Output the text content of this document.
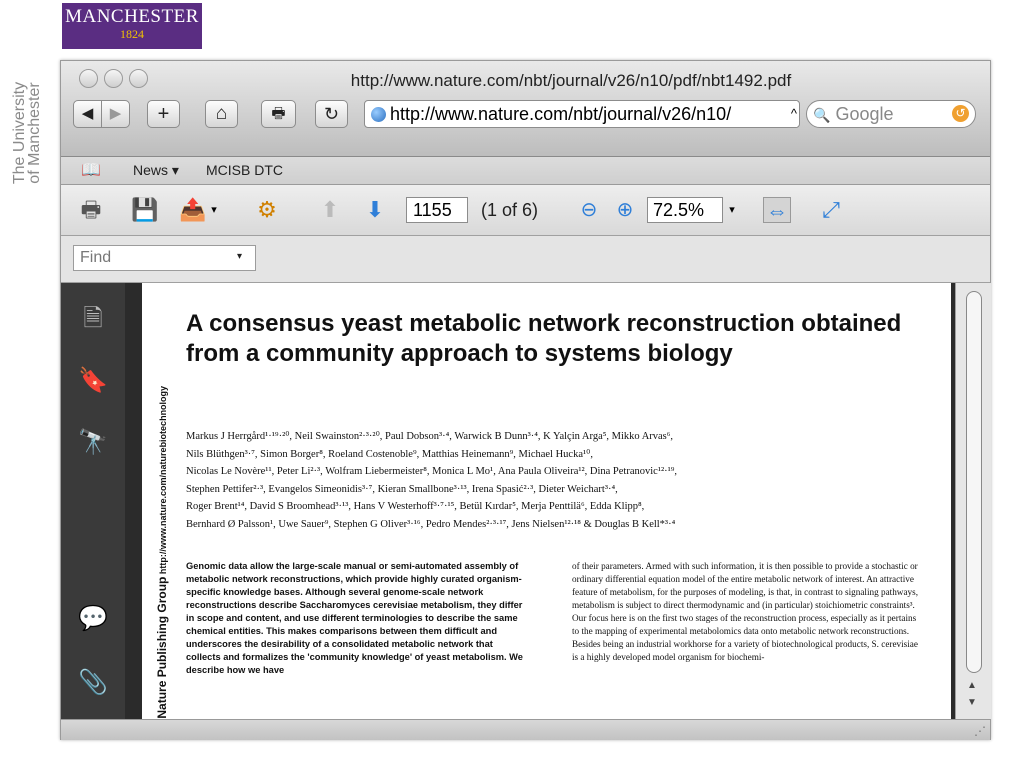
MANCHESTER
1824
The University
of Manchester
http://www.nature.com/nbt/journal/v26/n10/pdf/nbt1492.pdf
◀	▶	+	⌂	🖶	↻	http://www.nature.com/nbt/journal/v26/n10/	^	🔍 Google	↺
📖 News ▾ MCISB DTC
🖶 💾 📤 ▾ ⚙ ⬆ ⬇	1155	(1 of 6) ⊖ ⊕	72.5%	▾ ⇔ ⤢
Find	▾
🗎
🔖
🔭
💬
📎	Nature Publishing Group http://www.nature.com/naturebiotechnology
A consensus yeast metabolic network reconstruction obtained from a community approach to systems biology
Markus J Herrgård¹·¹⁹·²⁰, Neil Swainston²·³·²⁰, Paul Dobson³·⁴, Warwick B Dunn³·⁴, K Yalçin Arga⁵, Mikko Arvas⁶,
Nils Blüthgen³·⁷, Simon Borger⁸, Roeland Costenoble⁹, Matthias Heinemann⁹, Michael Hucka¹⁰,
Nicolas Le Novère¹¹, Peter Li²·³, Wolfram Liebermeister⁸, Monica L Mo¹, Ana Paula Oliveira¹², Dina Petranovic¹²·¹⁹,
Stephen Pettifer²·³, Evangelos Simeonidis³·⁷, Kieran Smallbone³·¹³, Irena Spasić²·³, Dieter Weichart³·⁴,
Roger Brent¹⁴, David S Broomhead³·¹³, Hans V Westerhoff³·⁷·¹⁵, Betül Kırdar⁵, Merja Penttilä⁶, Edda Klipp⁸,
Bernhard Ø Palsson¹, Uwe Sauer⁹, Stephen G Oliver³·¹⁶, Pedro Mendes²·³·¹⁷, Jens Nielsen¹²·¹⁸ & Douglas B Kell*³·⁴

Genomic data allow the large-scale manual or semi-automated assembly of metabolic network reconstructions, which provide highly curated organism-specific knowledge bases. Although several genome-scale network reconstructions describe Saccharomyces cerevisiae metabolism, they differ in scope and content, and use different terminologies to describe the same chemical entities. This makes comparisons between them difficult and underscores the desirability of a consolidated metabolic network that collects and formalizes the 'community knowledge' of yeast metabolism. We describe how we have

of their parameters. Armed with such information, it is then possible to provide a stochastic or ordinary differential equation model of the entire metabolic network of interest. An attractive feature of metabolism, for the purposes of modeling, is that, in contrast to signaling pathways, metabolism is subject to direct thermodynamic and (in particular) stoichiometric constraints³. Our focus here is on the first two stages of the reconstruction process, especially as it pertains to the mapping of experimental metabolomics data onto metabolic network reconstructions. Besides being an industrial workhorse for a variety of biotechnological products, S. cerevisiae is a highly developed model organism for biochemi-

▲
▼
⋰
